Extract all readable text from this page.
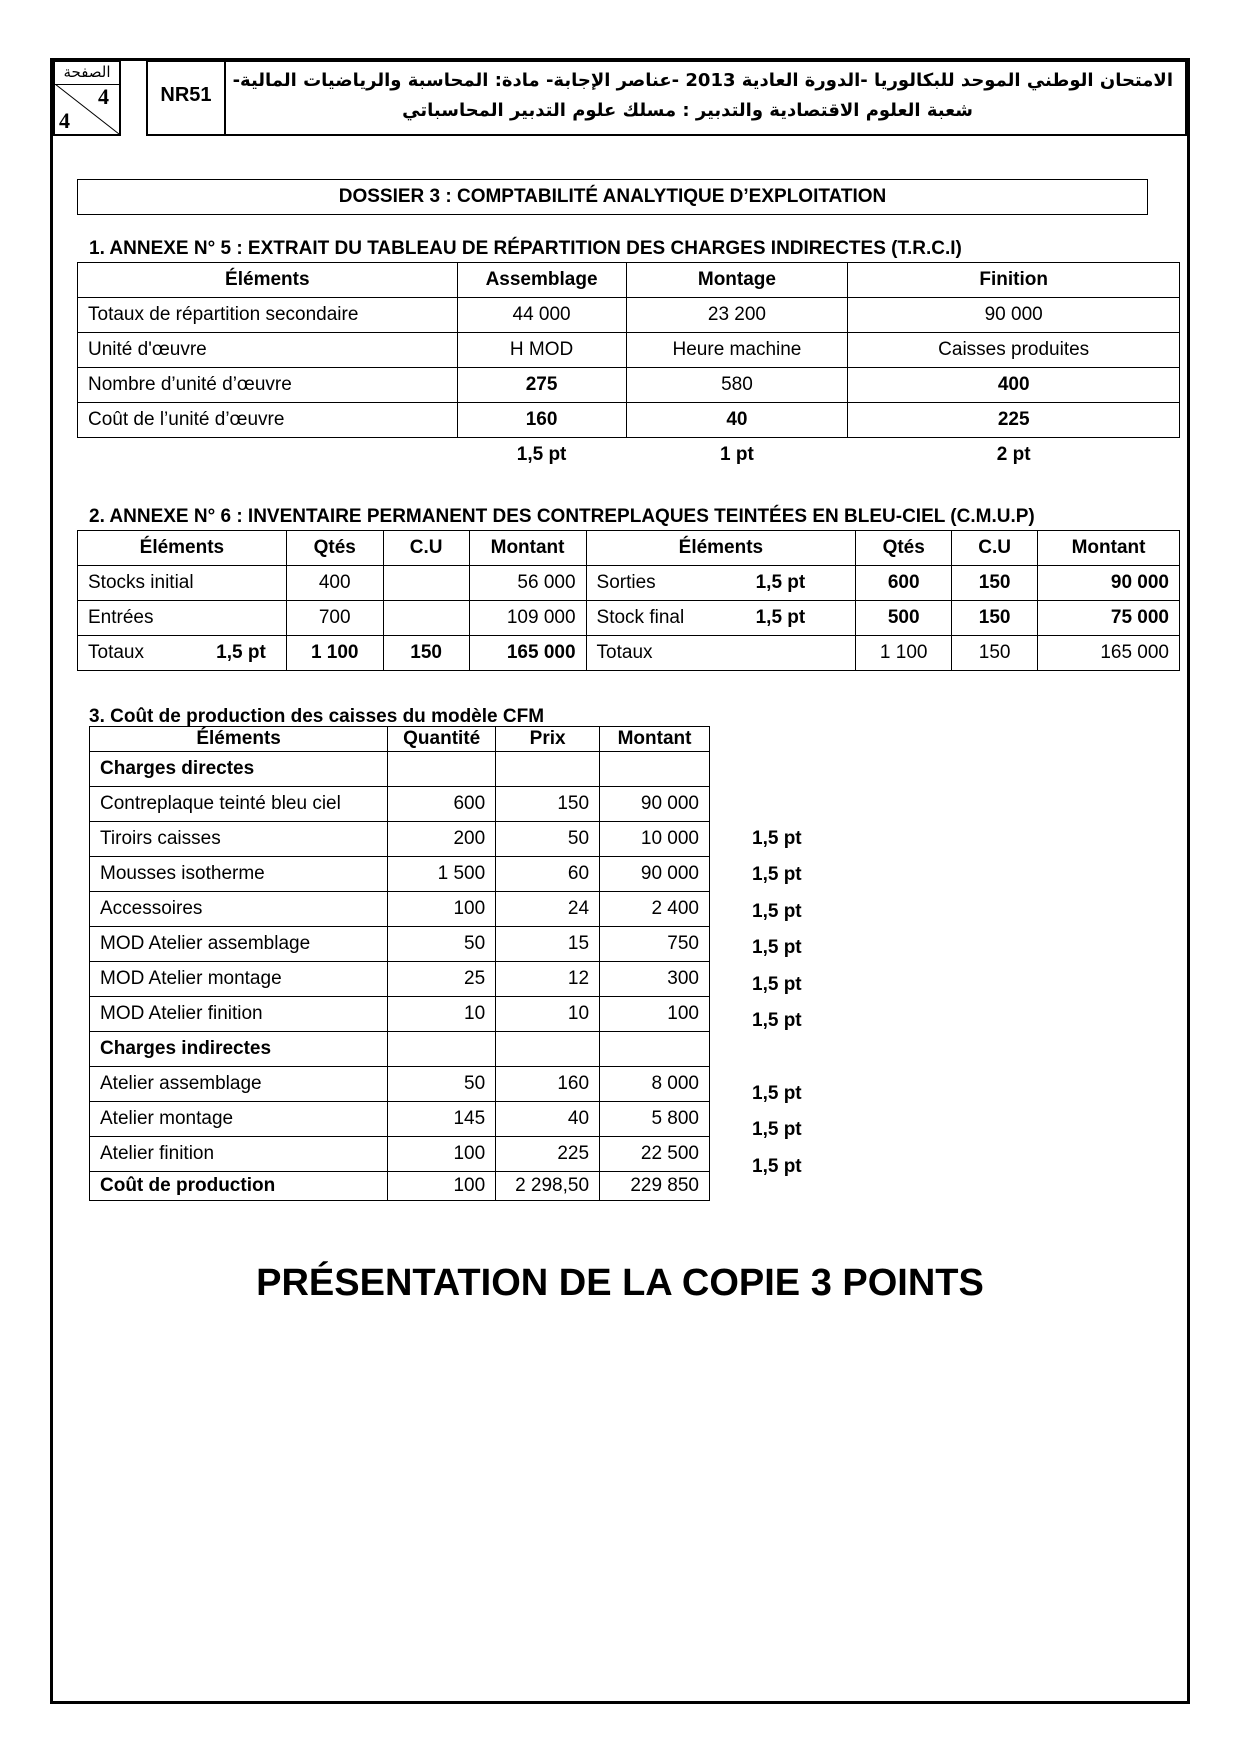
الصفحة
4
4
NR51
الامتحان الوطني الموحد للبكالوريا -الدورة العادية 2013 -عناصر الإجابة- مادة: المحاسبة والرياضيات المالية-
شعبة العلوم الاقتصادية والتدبير : مسلك علوم التدبير المحاسباتي
DOSSIER 3 : COMPTABILITÉ ANALYTIQUE D’EXPLOITATION
1. ANNEXE N° 5 : EXTRAIT DU TABLEAU DE RÉPARTITION DES CHARGES INDIRECTES (T.R.C.I)
Éléments	Assemblage	Montage	Finition
Totaux de répartition secondaire	44 000	23 200	90 000
Unité d'œuvre	H MOD	Heure machine	Caisses produites
Nombre d’unité d’œuvre	275	580	400
Coût de l’unité d’œuvre	160	40	225
	1,5 pt	1 pt	2 pt
2. ANNEXE N° 6 : INVENTAIRE PERMANENT DES CONTREPLAQUES TEINTÉES EN BLEU-CIEL (C.M.U.P)
Éléments	Qtés	C.U	Montant	Éléments	Qtés	C.U	Montant

Stocks initial	400		56 000	Sorties 1,5 pt	600	150	90 000

Entrées	700		109 000	Stock final 1,5 pt	500	150	75 000

Totaux 1,5 pt	1 100	150	165 000	Totaux	1 100	150	165 000
3. Coût de production des caisses du modèle CFM
Éléments	Quantité	Prix	Montant
Charges directes			
Contreplaque teinté bleu ciel	600	150	90 000
Tiroirs caisses	200	50	10 000
Mousses isotherme	1 500	60	90 000
Accessoires	100	24	2 400
MOD Atelier assemblage	50	15	750
MOD Atelier montage	25	12	300
MOD Atelier finition	10	10	100
Charges indirectes			
Atelier assemblage	50	160	8 000
Atelier montage	145	40	5 800
Atelier finition	100	225	22 500
Coût de production	100	2 298,50	229 850
1,5 pt
1,5 pt
1,5 pt
1,5 pt
1,5 pt
1,5 pt
1,5 pt
1,5 pt
1,5 pt
PRÉSENTATION DE LA COPIE 3 POINTS
